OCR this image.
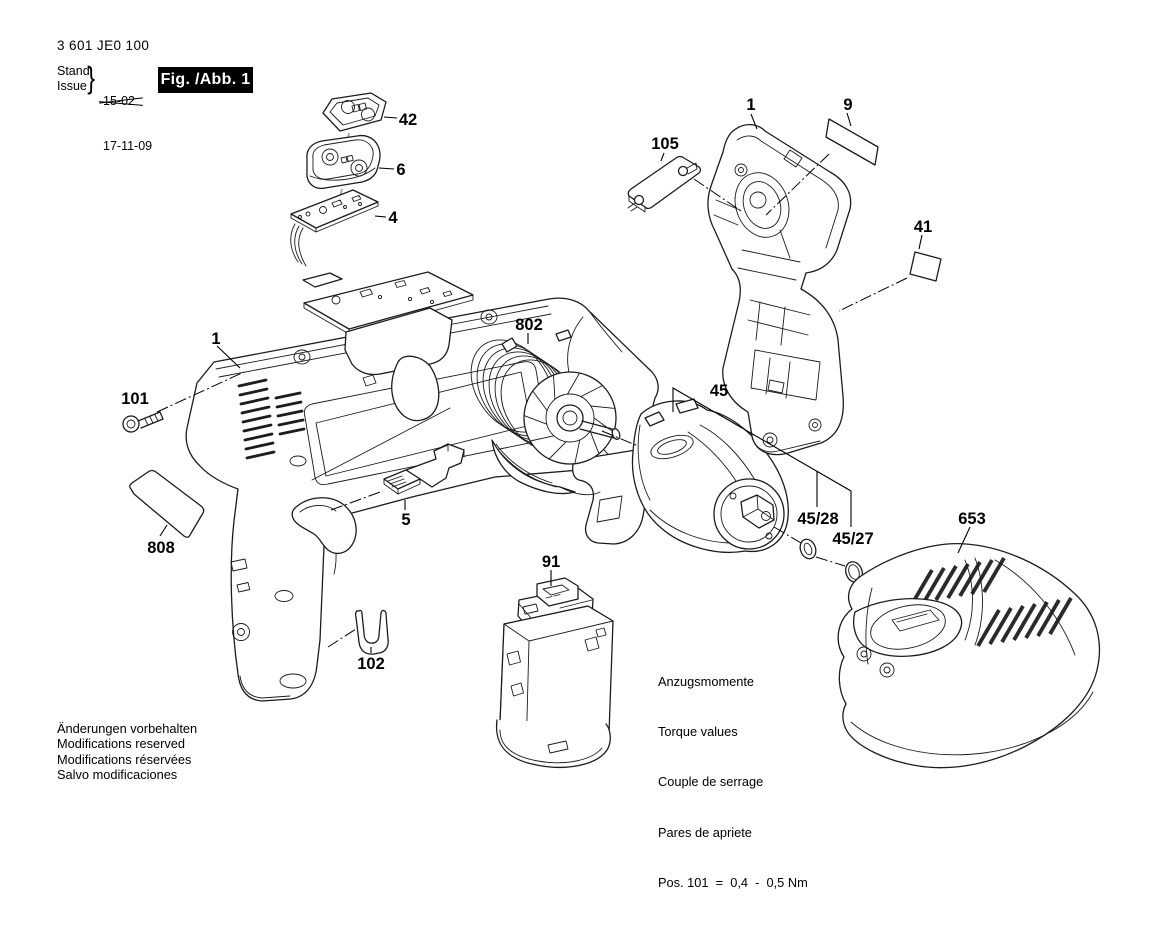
42
6
4
1
101
808
5
102
802
91
45
45/28
45/27
105
1	9
41
653
3 601 JE0 100
Stand
Issue }

15-02

17-11-09

Fig. /Abb. 1

Anzugsmomente

Torque values

Couple de serrage

Pares de apriete

Pos. 101  =  0,4  -  0,5 Nm

Änderungen vorbehalten
Modifications reserved
Modifications réservées
Salvo modificaciones
